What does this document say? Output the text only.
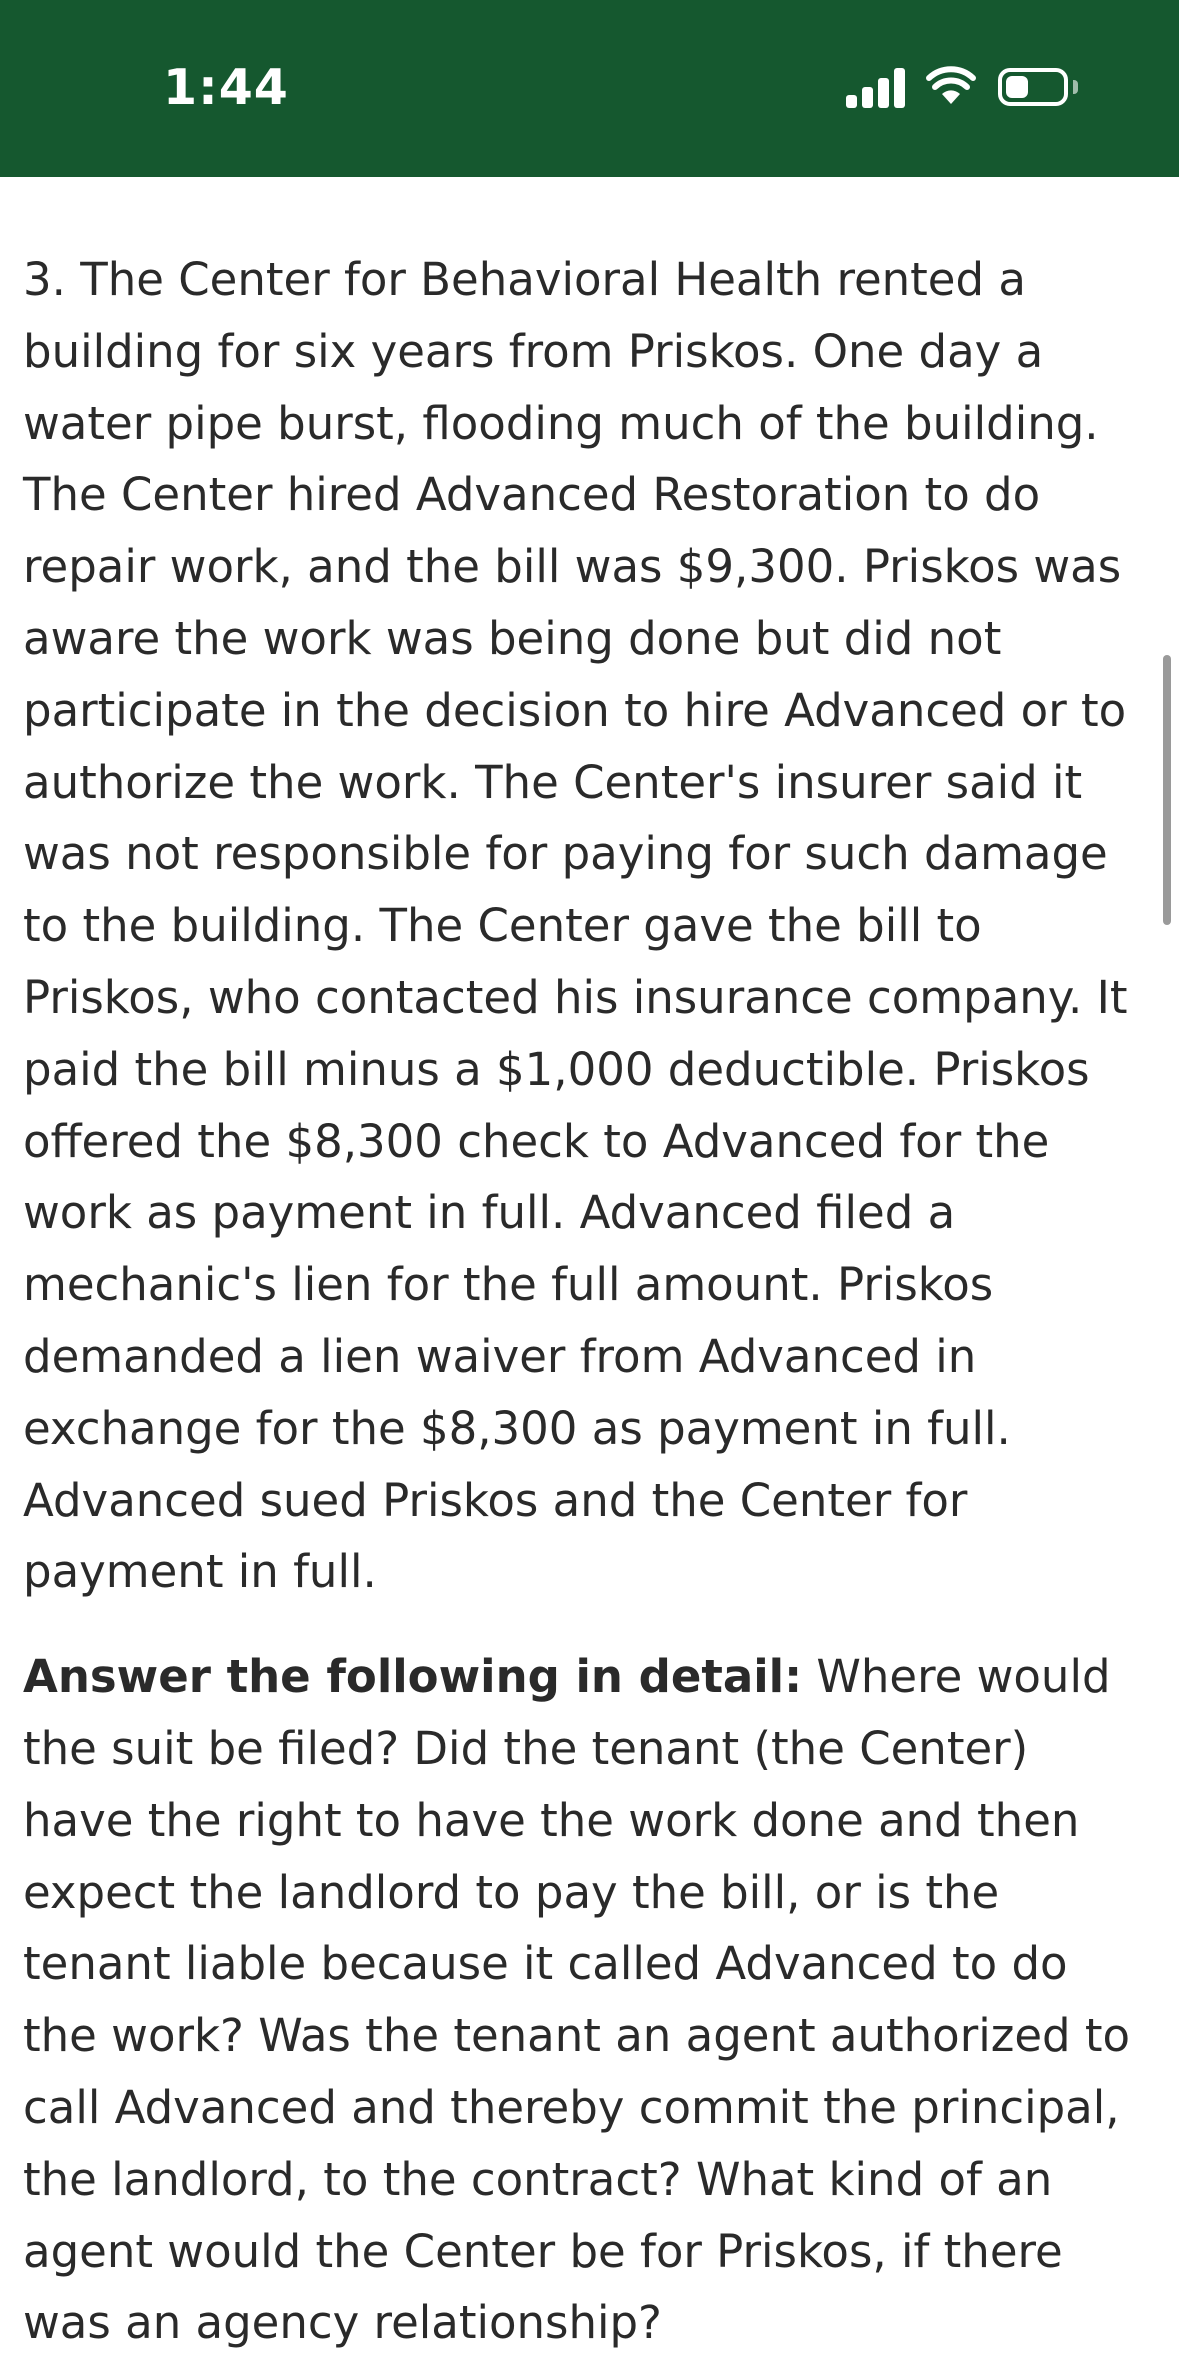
1:44

3. The Center for Behavioral Health rented a building for six years from Priskos. One day a water pipe burst, flooding much of the building. The Center hired Advanced Restoration to do repair work, and the bill was $9,300. Priskos was aware the work was being done but did not participate in the decision to hire Advanced or to authorize the work. The Center's insurer said it was not responsible for paying for such damage to the building. The Center gave the bill to Priskos, who contacted his insurance company. It paid the bill minus a $1,000 deductible. Priskos offered the $8,300 check to Advanced for the work as payment in full. Advanced filed a mechanic's lien for the full amount. Priskos demanded a lien waiver from Advanced in exchange for the $8,300 as payment in full. Advanced sued Priskos and the Center for payment in full.

Answer the following in detail: Where would the suit be filed? Did the tenant (the Center) have the right to have the work done and then expect the landlord to pay the bill, or is the tenant liable because it called Advanced to do the work? Was the tenant an agent authorized to call Advanced and thereby commit the principal, the landlord, to the contract? What kind of an agent would the Center be for Priskos, if there was an agency relationship?
